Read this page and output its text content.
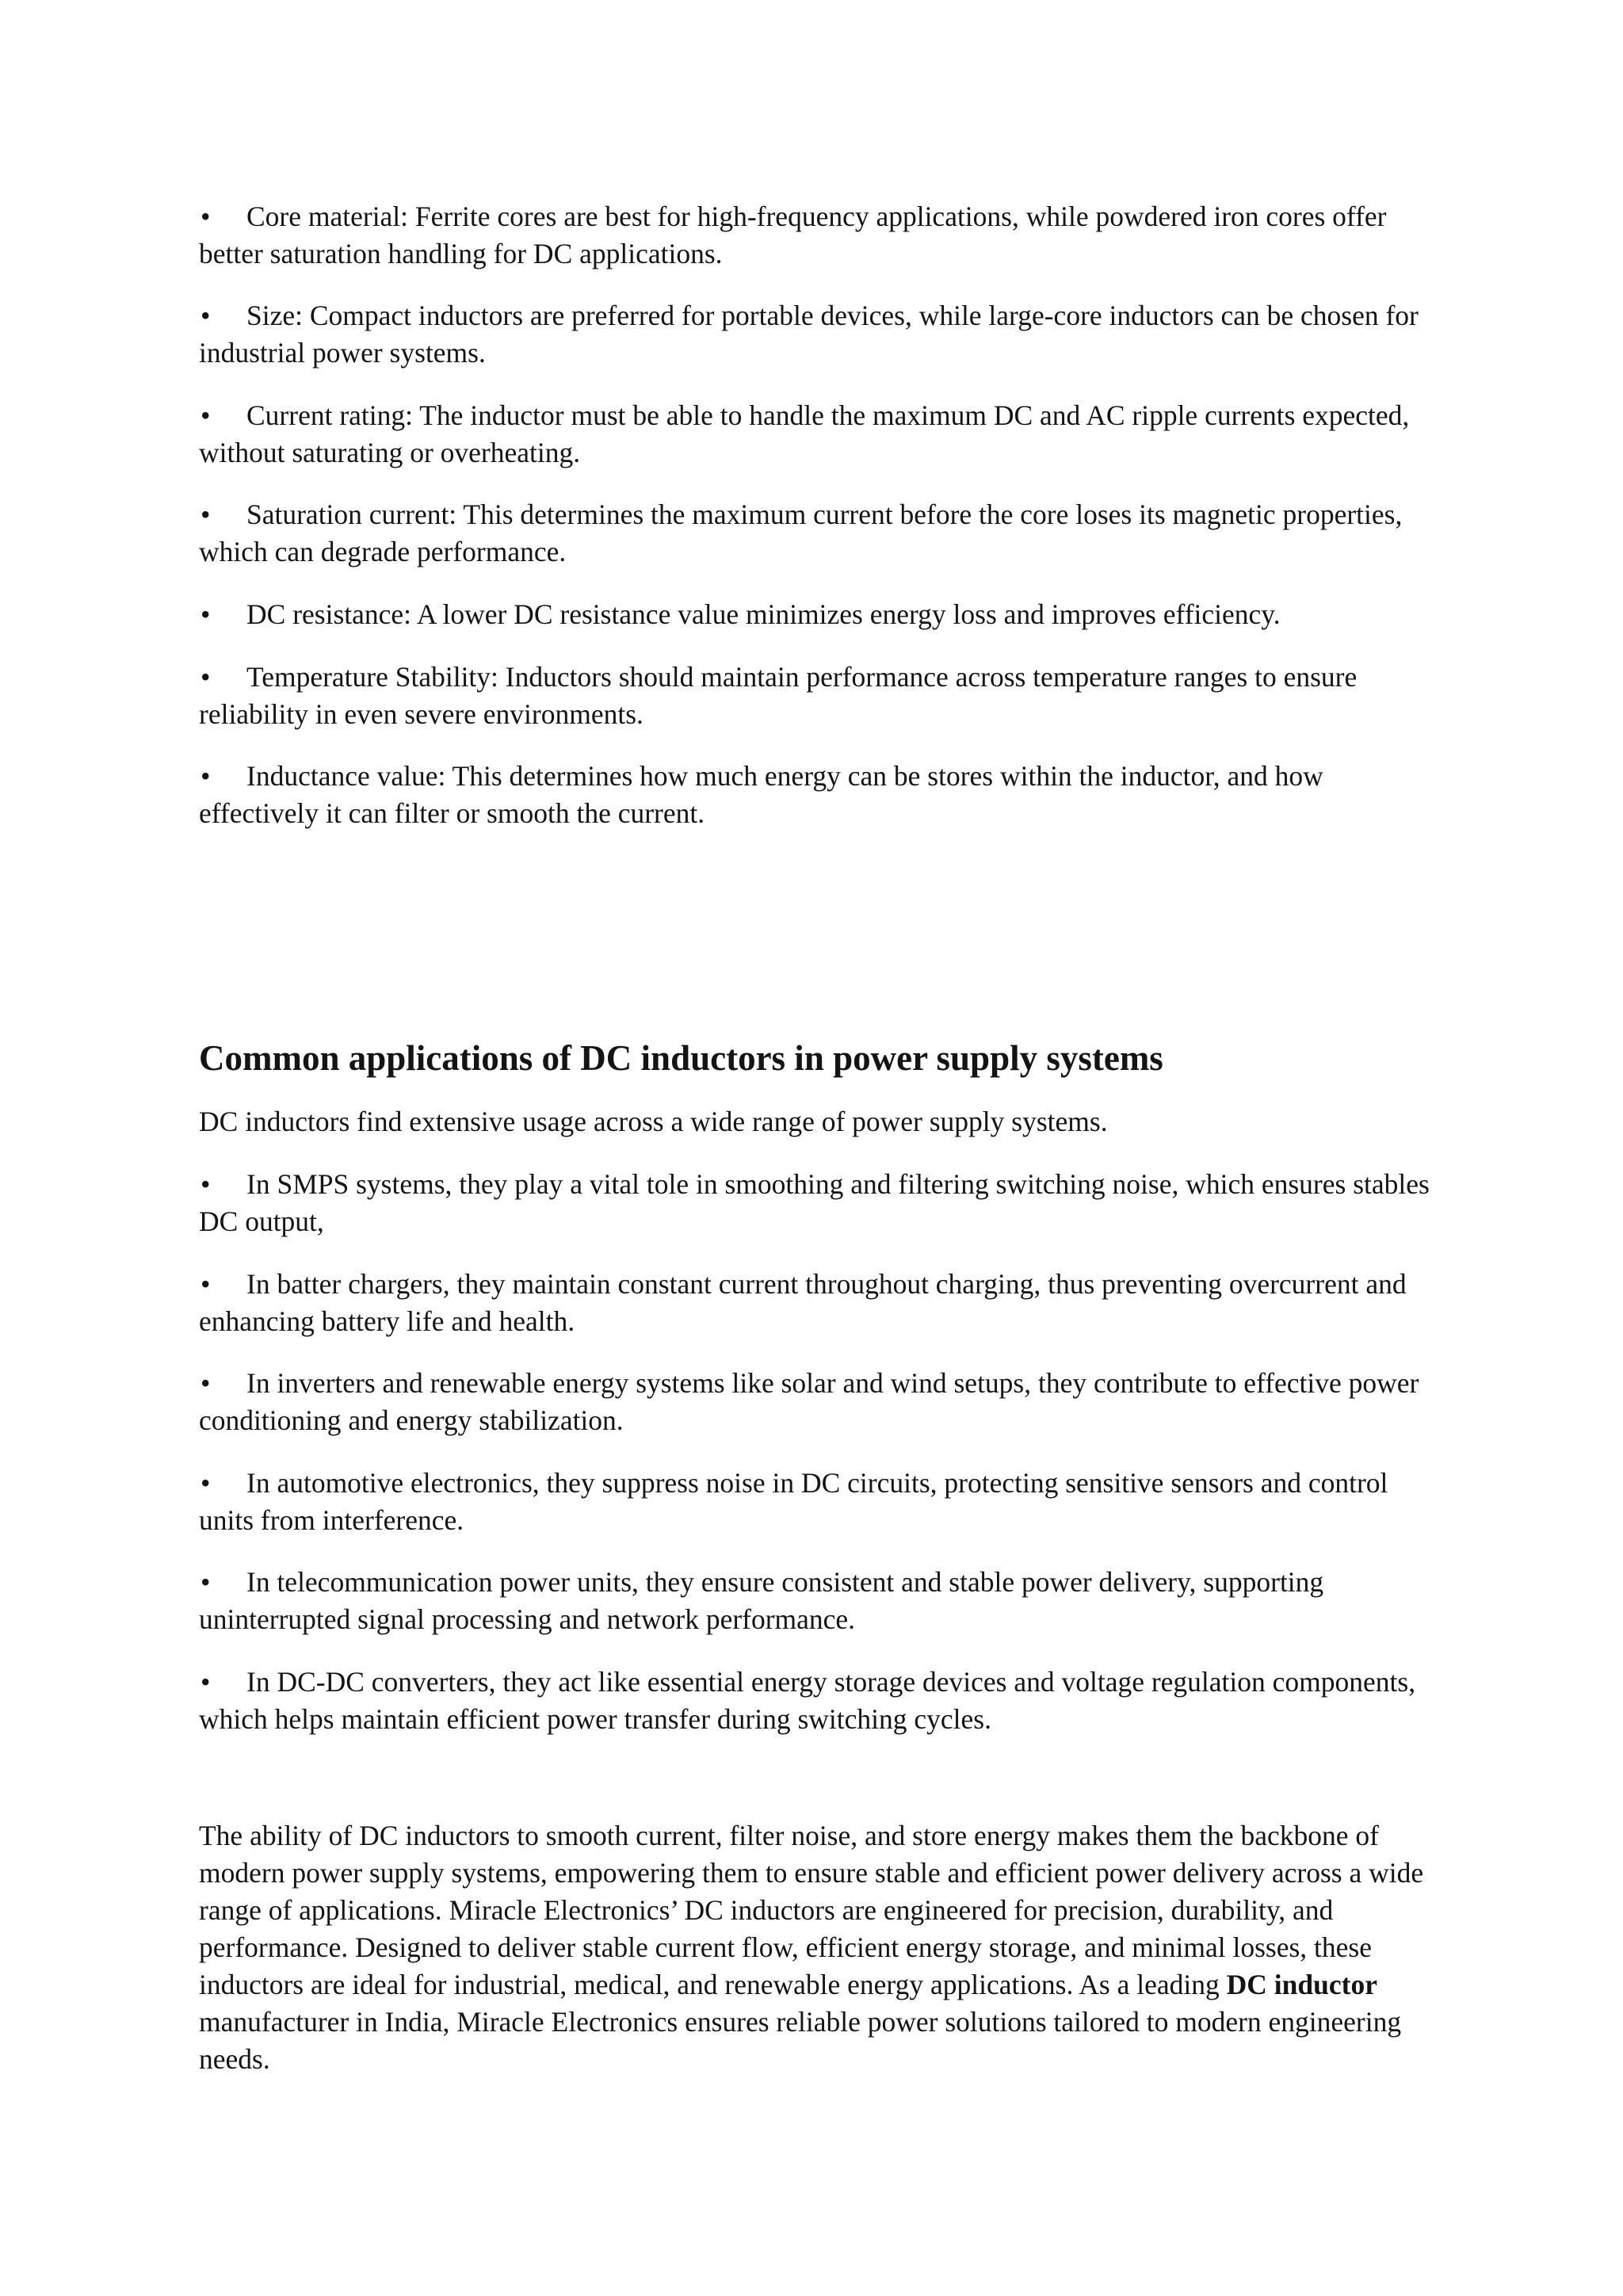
• Core material: Ferrite cores are best for high-frequency applications, while powdered iron cores offer better saturation handling for DC applications.
• Size: Compact inductors are preferred for portable devices, while large-core inductors can be chosen for industrial power systems.
• Current rating: The inductor must be able to handle the maximum DC and AC ripple currents expected, without saturating or overheating.
• Saturation current: This determines the maximum current before the core loses its magnetic properties, which can degrade performance.
• DC resistance: A lower DC resistance value minimizes energy loss and improves efficiency.
• Temperature Stability: Inductors should maintain performance across temperature ranges to ensure reliability in even severe environments.
• Inductance value: This determines how much energy can be stores within the inductor, and how effectively it can filter or smooth the current.
Common applications of DC inductors in power supply systems
DC inductors find extensive usage across a wide range of power supply systems.
• In SMPS systems, they play a vital tole in smoothing and filtering switching noise, which ensures stables DC output,
• In batter chargers, they maintain constant current throughout charging, thus preventing overcurrent and enhancing battery life and health.
• In inverters and renewable energy systems like solar and wind setups, they contribute to effective power conditioning and energy stabilization.
• In automotive electronics, they suppress noise in DC circuits, protecting sensitive sensors and control units from interference.
• In telecommunication power units, they ensure consistent and stable power delivery, supporting uninterrupted signal processing and network performance.
• In DC-DC converters, they act like essential energy storage devices and voltage regulation components, which helps maintain efficient power transfer during switching cycles.
The ability of DC inductors to smooth current, filter noise, and store energy makes them the backbone of modern power supply systems, empowering them to ensure stable and efficient power delivery across a wide range of applications. Miracle Electronics’ DC inductors are engineered for precision, durability, and performance. Designed to deliver stable current flow, efficient energy storage, and minimal losses, these inductors are ideal for industrial, medical, and renewable energy applications. As a leading DC inductor manufacturer in India, Miracle Electronics ensures reliable power solutions tailored to modern engineering needs.
